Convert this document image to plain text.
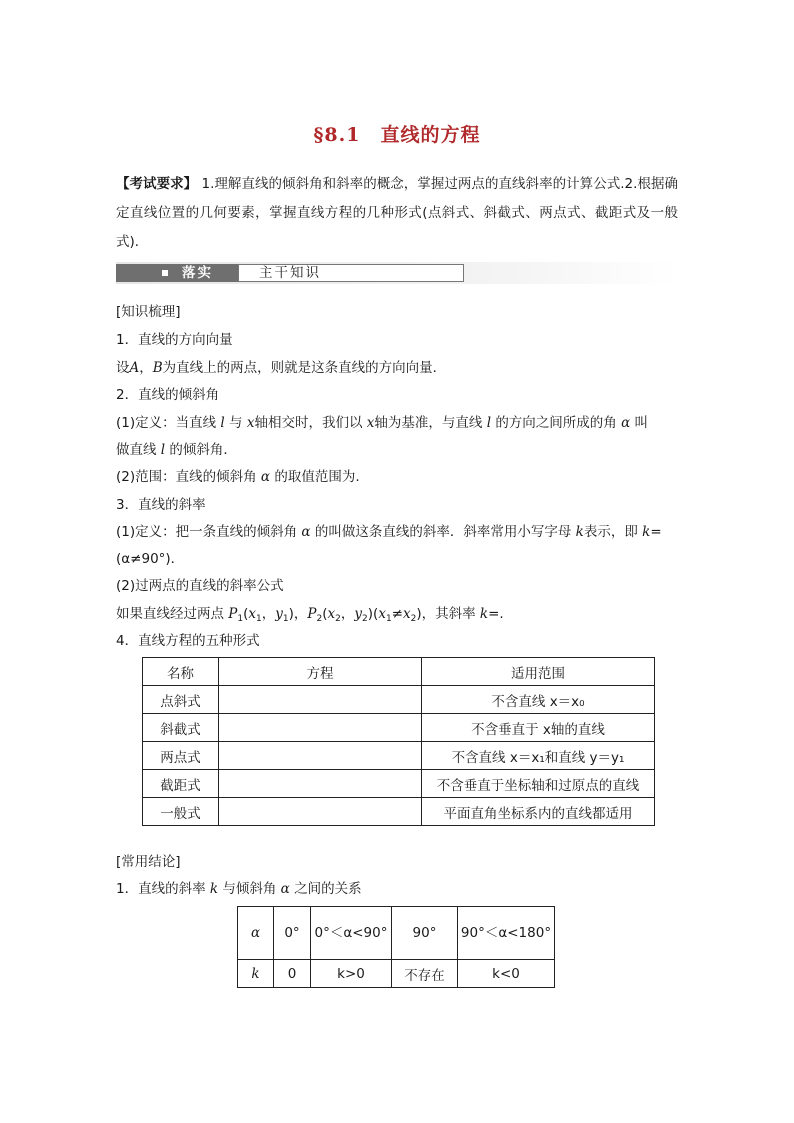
§8.1　直线的方程
【考试要求】 1.理解直线的倾斜角和斜率的概念，掌握过两点的直线斜率的计算公式.2.根据确定直线位置的几何要素，掌握直线方程的几种形式(点斜式、斜截式、两点式、截距式及一般式)．
落实	主干知识
[知识梳理]
1．直线的方向向量
设A，B为直线上的两点，则就是这条直线的方向向量．
2．直线的倾斜角
(1)定义：当直线 l 与 x轴相交时，我们以 x轴为基准，与直线 l 的方向之间所成的角 α 叫
做直线 l 的倾斜角．
(2)范围：直线的倾斜角 α 的取值范围为.
3．直线的斜率
(1)定义：把一条直线的倾斜角 α 的叫做这条直线的斜率．斜率常用小写字母 k表示，即 k=
(α≠90°)．
(2)过两点的直线的斜率公式
如果直线经过两点 $P_1(x_1$，$y_1$)，$P_2(x_2$，$y_2)(x_1\ne x_2)$，其斜率 k=.
4．直线方程的五种形式
名称	方程	适用范围
点斜式		不含直线 x＝x₀
斜截式		不含垂直于 x轴的直线
两点式		不含直线 x＝x₁和直线 y＝y₁
截距式		不含垂直于坐标轴和过原点的直线
一般式		平面直角坐标系内的直线都适用
[常用结论]
1．直线的斜率 k 与倾斜角 α 之间的关系
α	0°	0°＜α<90°	90°	90°＜α<180°
k	0	k>0	不存在	k<0
